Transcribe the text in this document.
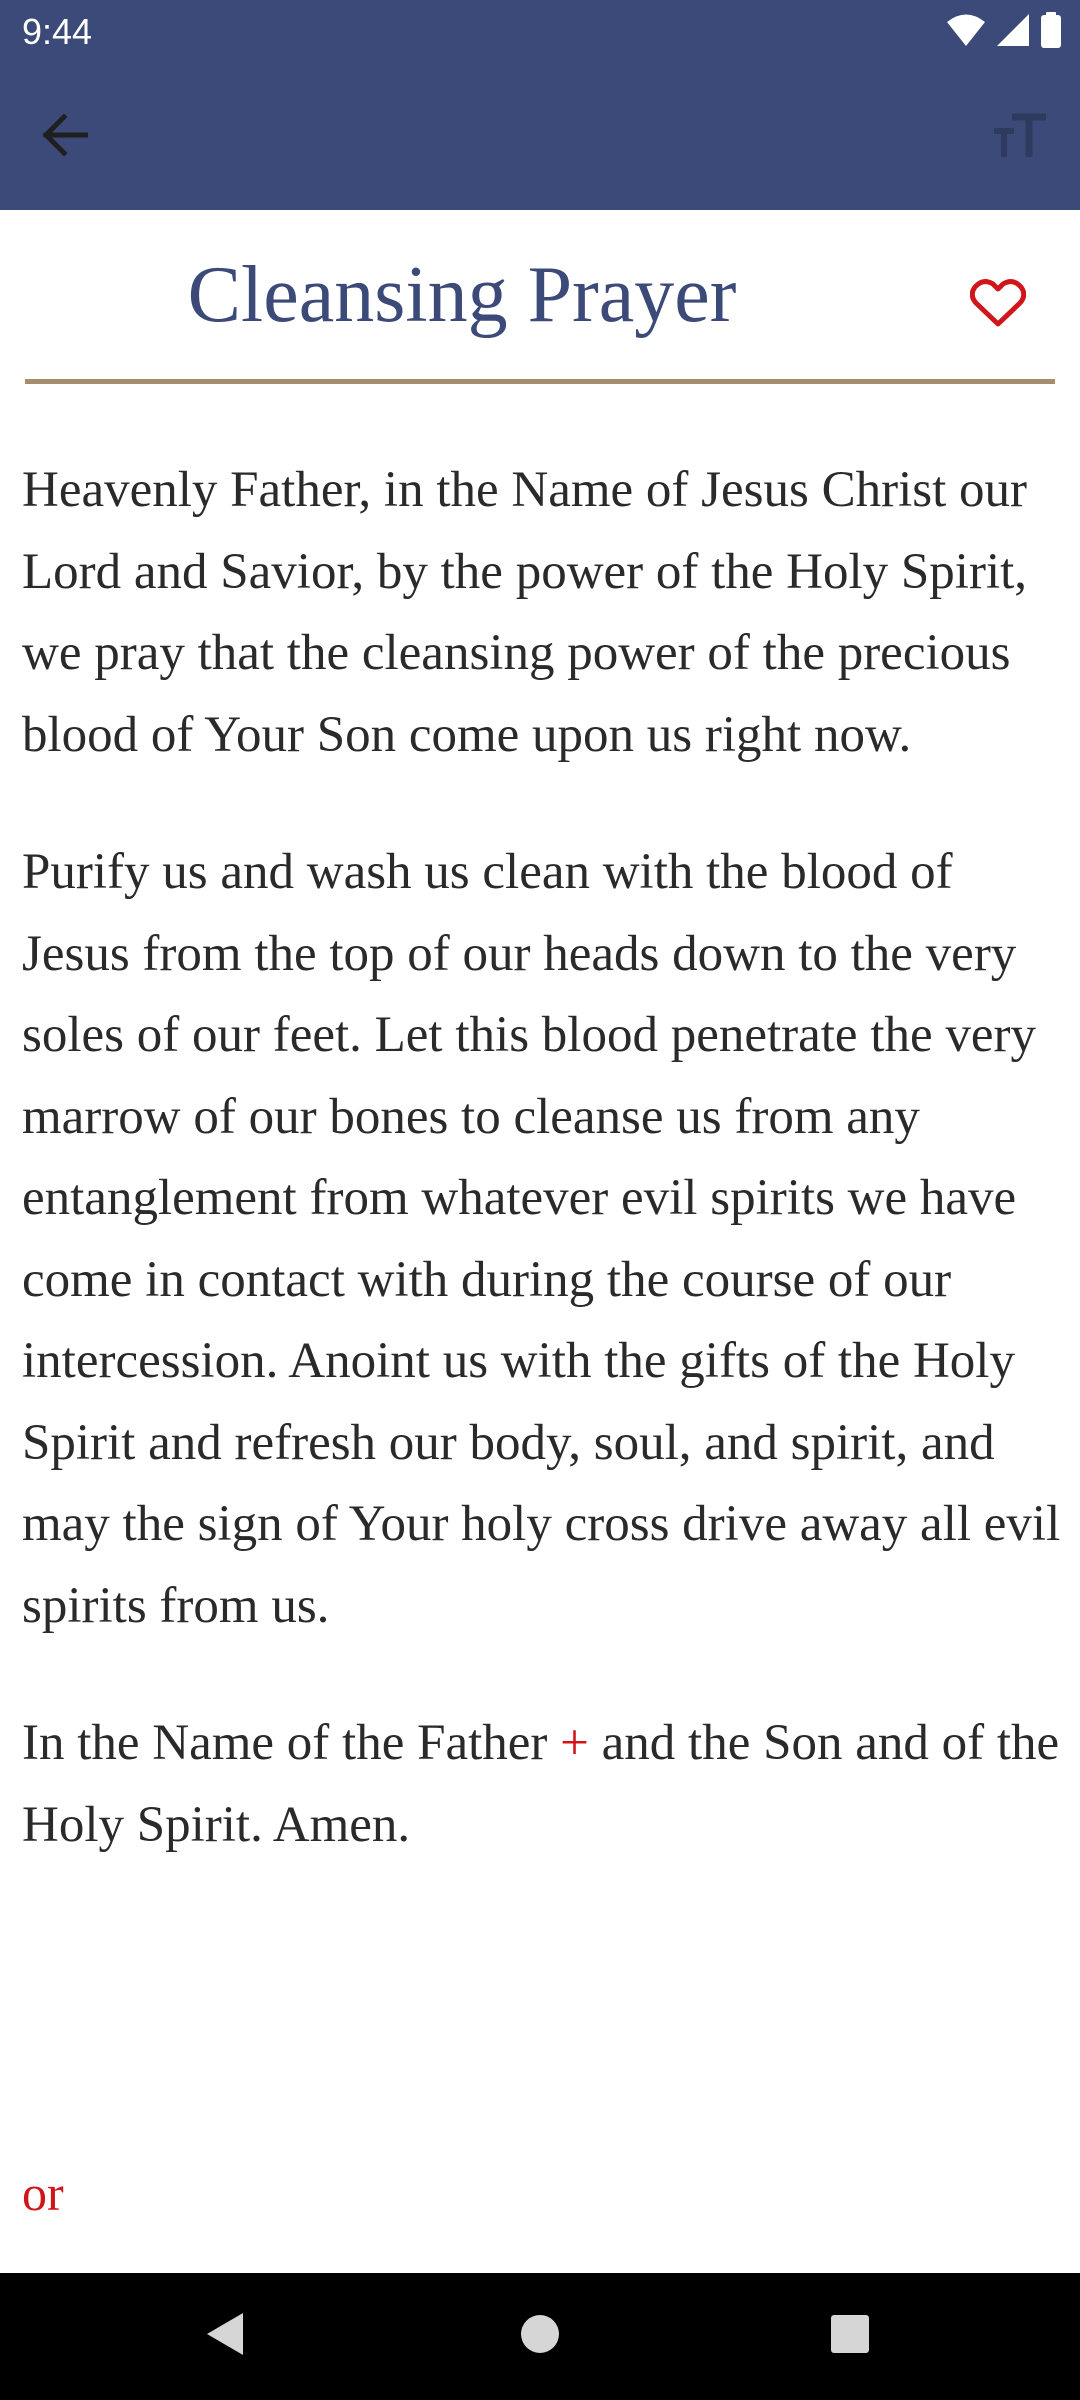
9:44
Cleansing Prayer

Heavenly Father, in the Name of Jesus Christ our Lord and Savior, by the power of the Holy Spirit, we pray that the cleansing power of the precious blood of Your Son come upon us right now.

Purify us and wash us clean with the blood of Jesus from the top of our heads down to the very soles of our feet. Let this blood penetrate the very marrow of our bones to cleanse us from any entanglement from whatever evil spirits we have come in contact with during the course of our intercession. Anoint us with the gifts of the Holy Spirit and refresh our body, soul, and spirit, and may the sign of Your holy cross drive away all evil spirits from us.

In the Name of the Father + and the Son and of the Holy Spirit. Amen.

or
